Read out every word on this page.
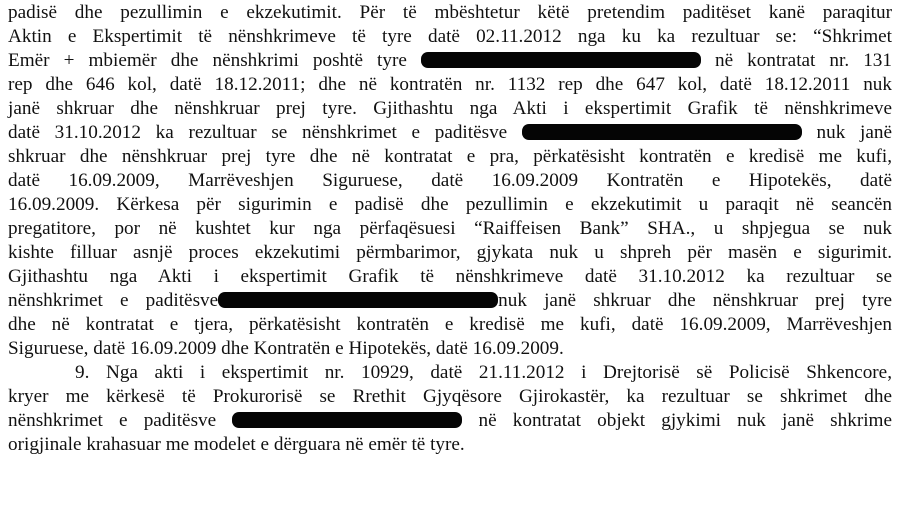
padisë dhe pezullimin e ekzekutimit. Për të mbështetur këtë pretendim paditëset kanë paraqitur
Aktin e Ekspertimit të nënshkrimeve të tyre datë 02.11.2012 nga ku ka rezultuar se: “Shkrimet
Emër + mbiemër dhe nënshkrimi poshtë tyre	në kontratat nr. 131
rep dhe 646 kol, datë 18.12.2011; dhe në kontratën nr. 1132 rep dhe 647 kol, datë 18.12.2011 nuk
janë shkruar dhe nënshkruar prej tyre. Gjithashtu nga Akti i ekspertimit Grafik të nënshkrimeve
datë 31.10.2012 ka rezultuar se nënshkrimet e paditësve	nuk janë
shkruar dhe nënshkruar prej tyre dhe në kontratat e pra, përkatësisht kontratën e kredisë me kufi,
datë 16.09.2009, Marrëveshjen Siguruese, datë 16.09.2009 Kontratën e Hipotekës, datë
16.09.2009. Kërkesa për sigurimin e padisë dhe pezullimin e ekzekutimit u paraqit në seancën
pregatitore, por në kushtet kur nga përfaqësuesi “Raiffeisen Bank” SHA., u shpjegua se nuk
kishte filluar asnjë proces ekzekutimi përmbarimor, gjykata nuk u shpreh për masën e sigurimit.
Gjithashtu nga Akti i ekspertimit Grafik të nënshkrimeve datë 31.10.2012 ka rezultuar se
nënshkrimet e paditësve	nuk janë shkruar dhe nënshkruar prej tyre
dhe në kontratat e tjera, përkatësisht kontratën e kredisë me kufi, datë 16.09.2009, Marrëveshjen
Siguruese, datë 16.09.2009 dhe Kontratën e Hipotekës, datë 16.09.2009.
9. Nga akti i ekspertimit nr. 10929, datë 21.11.2012 i Drejtorisë së Policisë Shkencore,
kryer me kërkesë të Prokurorisë se Rrethit Gjyqësore Gjirokastër, ka rezultuar se shkrimet dhe
nënshkrimet e paditësve	në kontratat objekt gjykimi nuk janë shkrime
origjinale krahasuar me modelet e dërguara në emër të tyre.
